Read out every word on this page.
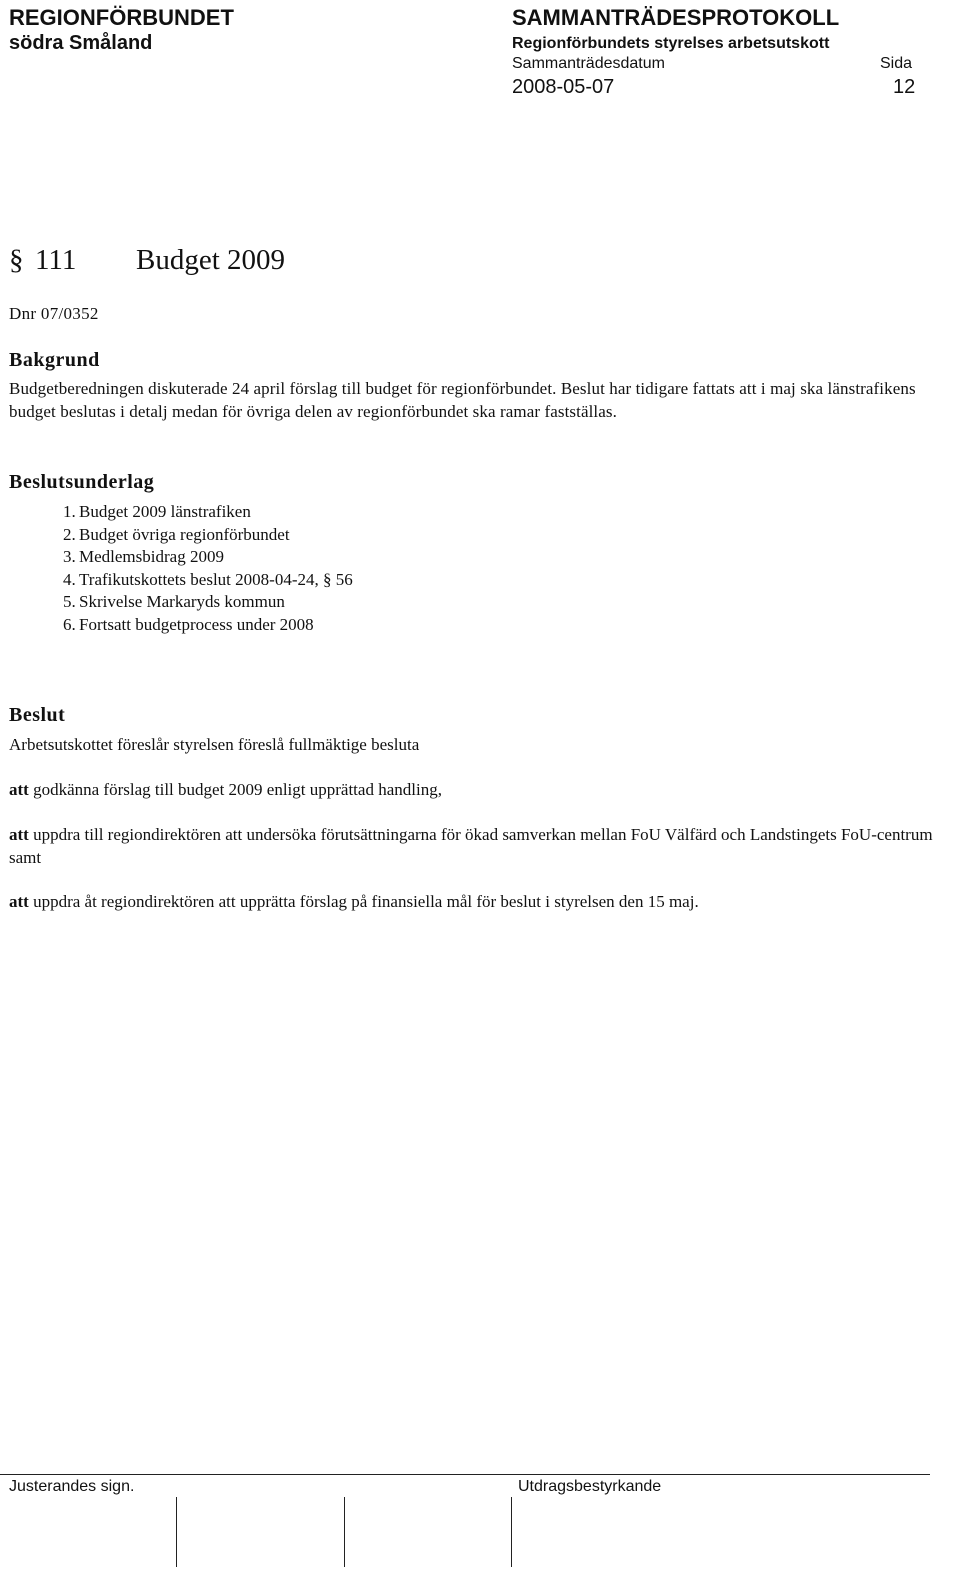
REGIONFÖRBUNDET
södra Småland
SAMMANTRÄDESPROTOKOLL
Regionförbundets styrelses arbetsutskott
Sammanträdesdatum	Sida
2008-05-07	12
§ 111 Budget 2009
Dnr 07/0352
Bakgrund
Budgetberedningen diskuterade 24 april förslag till budget för regionförbundet. Beslut har tidigare fattats att i maj ska länstrafikens budget beslutas i detalj medan för övriga delen av regionförbundet ska ramar fastställas.
Beslutsunderlag
1. Budget 2009 länstrafiken
2. Budget övriga regionförbundet
3. Medlemsbidrag 2009
4. Trafikutskottets beslut 2008-04-24, § 56
5. Skrivelse Markaryds kommun
6. Fortsatt budgetprocess under 2008
Beslut
Arbetsutskottet föreslår styrelsen föreslå fullmäktige besluta
att godkänna förslag till budget 2009 enligt upprättad handling,
att uppdra till regiondirektören att undersöka förutsättningarna för ökad samverkan mellan FoU Välfärd och Landstingets FoU-centrum samt
att uppdra åt regiondirektören att upprätta förslag på finansiella mål för beslut i styrelsen den 15 maj.
Justerandes sign.	Utdragsbestyrkande
